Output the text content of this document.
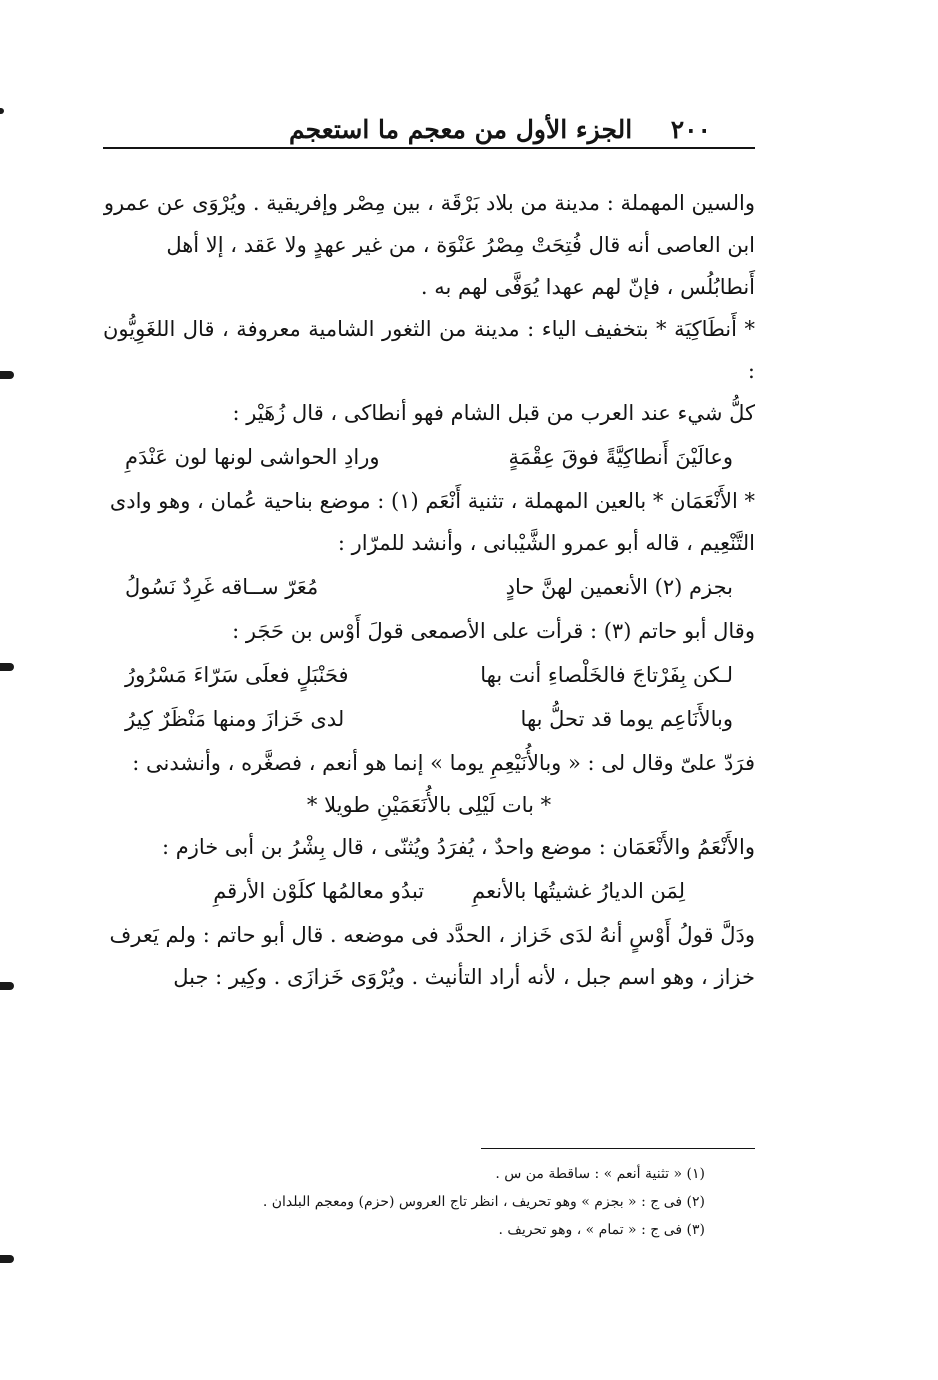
٢٠٠
الجزء الأول من معجم ما استعجم

والسين المهملة : مدينة من بلاد بَرْقَة ، بين مِصْر وإفريقية . ويُرْوَى عن عمرو

ابن العاصى أنه قال فُتِحَتْ مِصْرُ عَنْوَة ، من غير عهدٍ ولا عَقد ، إلا أهل

أَنطابُلُس ، فإنّ لهم عهدا يُوَفَّى لهم به .

* أَنطَاكِيَة * بتخفيف الياء : مدينة من الثغور الشامية معروفة ، قال اللغَوِيُّون :

كلُّ شيء عند العرب من قبل الشام فهو أنطاكى ، قال زُهَيْر :

وعالَيْنَ أَنطاكِيَّةً فوقَ عِقْمَةٍ
ورادِ الحواشى لونها لون عَنْدَمِ

* الأَنْعَمَان * بالعين المهملة ، تثنية أَنْعَم (١) : موضع بناحية عُمان ، وهو وادى

التَّنْعِيم ، قاله أبو عمرو الشَّيْبانى ، وأنشد للمرّار :

بجزم (٢) الأنعمين لهنَّ حادٍ
مُعَرّ ســاقه غَرِدٌ نَسُولُ

وقال أبو حاتم (٣) : قرأت على الأصمعى قولَ أَوْس بن حَجَر :

لـكن بِفَرْتاجَ فالخَلْصاءِ أنت بها
فحَنْبَلٍ فعلَى سَرّاءَ مَسْرُورُ
وبالأَنَاعِم يوما قد تحلُّ بها
لدى خَزازَ ومنها مَنْظَرٌ كِيرُ

فرَدّ علىّ وقال لى : « وبالأُنَيْعِمِ يوما » إنما هو أنعم ، فصغَّره ، وأنشدنى :

* بات لَيْلِى بالأُنَعَمَيْنِ طويلا *

والأَنْعَمُ والأَنْعَمَان : موضع واحدٌ ، يُفرَدُ ويُثنّى ، قال بِشْرُ بن أبى خازم :

لِمَن الديارُ غشيتُها بالأنعمِ
تبدُو معالمُها كلَوْن الأرقمِ

ودَلَّ قولُ أَوْسٍ أنهُ لدَى خَزاز ، الحدَّد فى موضعه . قال أبو حاتم : ولم يَعرف

خزاز ، وهو اسم جبل ، لأنه أراد التأنيث . ويُرْوَى خَزازَى . وكِير : جبل

(١) « تثنية أنعم » : ساقطة من س .

(٢) فى ج : « بجزم » وهو تحريف ، انظر تاج العروس (حزم) ومعجم البلدان .

(٣) فى ج : « تمام » ، وهو تحريف .
